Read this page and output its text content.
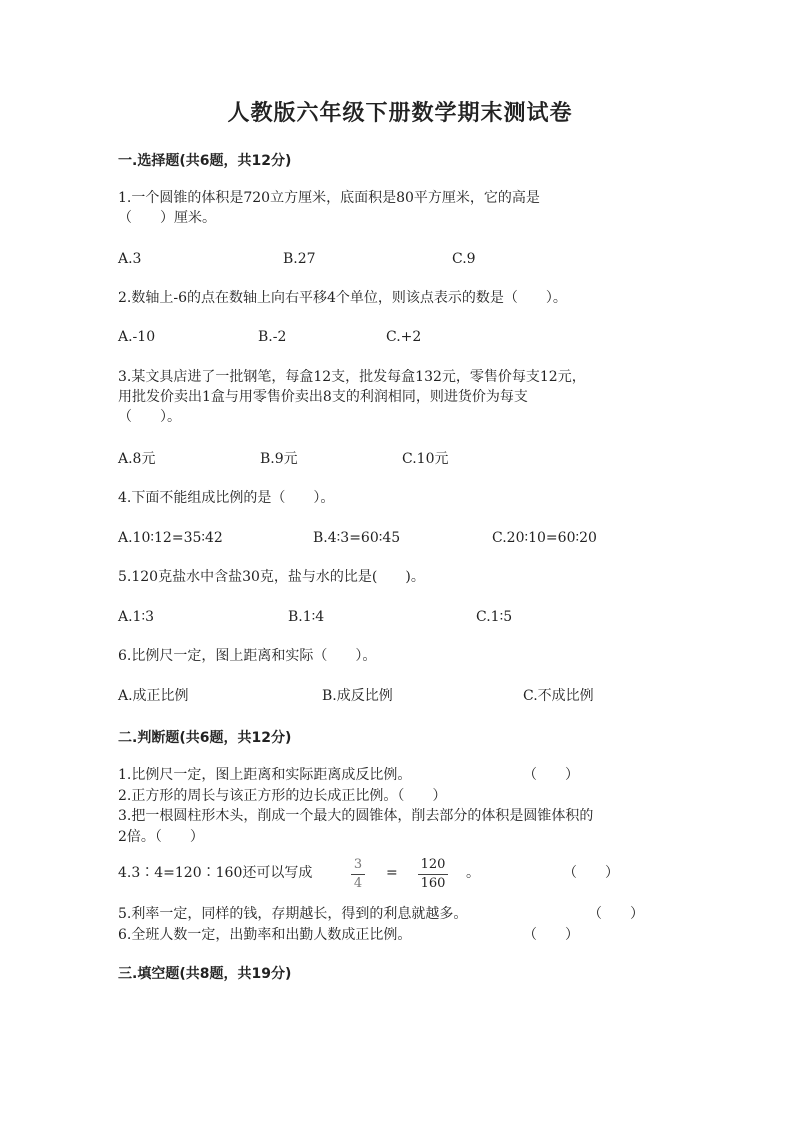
人教版六年级下册数学期末测试卷
一.选择题(共6题，共12分)
1.一个圆锥的体积是720立方厘米，底面积是80平方厘米，它的高是
（　　）厘米。
A.3	B.27	C.9
2.数轴上-6的点在数轴上向右平移4个单位，则该点表示的数是（　　）。
A.-10	B.-2	C.+2
3.某文具店进了一批钢笔，每盒12支，批发每盒132元，零售价每支12元，
用批发价卖出1盒与用零售价卖出8支的利润相同，则进货价为每支
（　　）。
A.8元	B.9元	C.10元
4.下面不能组成比例的是（　　）。
A.10∶12=35∶42	B.4∶3=60∶45	C.20∶10=60∶20
5.120克盐水中含盐30克，盐与水的比是(　　)。
A.1∶3	B.1∶4	C.1∶5
6.比例尺一定，图上距离和实际（　　）。
A.成正比例	B.成反比例	C.不成比例
二.判断题(共6题，共12分)
1.比例尺一定，图上距离和实际距离成反比例。	（　　）
2.正方形的周长与该正方形的边长成正比例。（　　）
3.把一根圆柱形木头，削成一个最大的圆锥体，削去部分的体积是圆锥体积的
2倍。（　　）
4.3∶4=120∶160还可以写成
3
4
=
120
160
。	（　　）
5.利率一定，同样的钱，存期越长，得到的利息就越多。	（　　）
6.全班人数一定，出勤率和出勤人数成正比例。	（　　）
三.填空题(共8题，共19分)
